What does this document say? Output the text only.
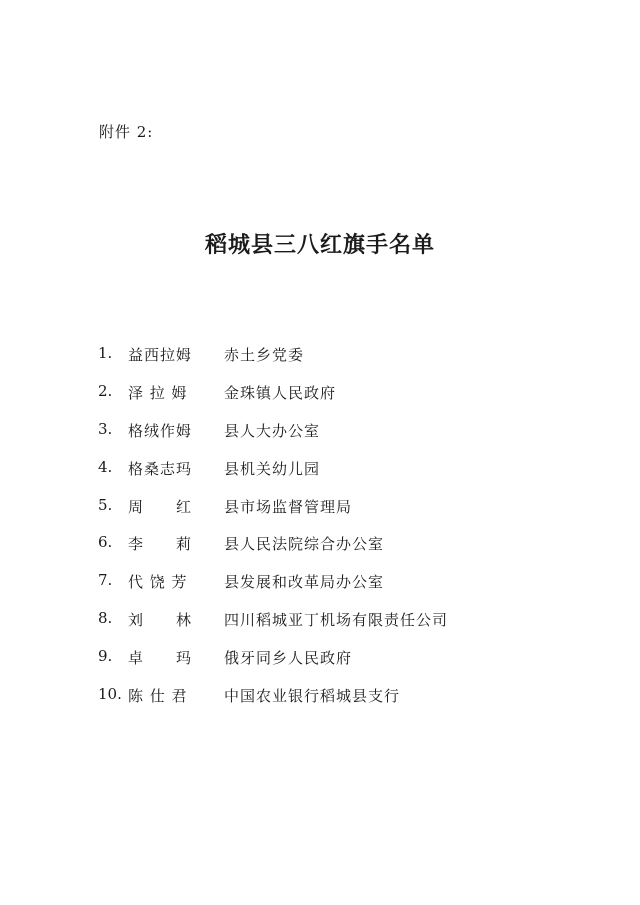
附件 2:
稻城县三八红旗手名单
1.	益西拉姆	赤土乡党委
2.	泽 拉 姆	金珠镇人民政府
3.	格绒作姆	县人大办公室
4.	格桑志玛	县机关幼儿园
5.	周　　红	县市场监督管理局
6.	李　　莉	县人民法院综合办公室
7.	代 饶 芳	县发展和改革局办公室
8.	刘　　林	四川稻城亚丁机场有限责任公司
9.	卓　　玛	俄牙同乡人民政府
10. 陈 仕 君	中国农业银行稻城县支行
